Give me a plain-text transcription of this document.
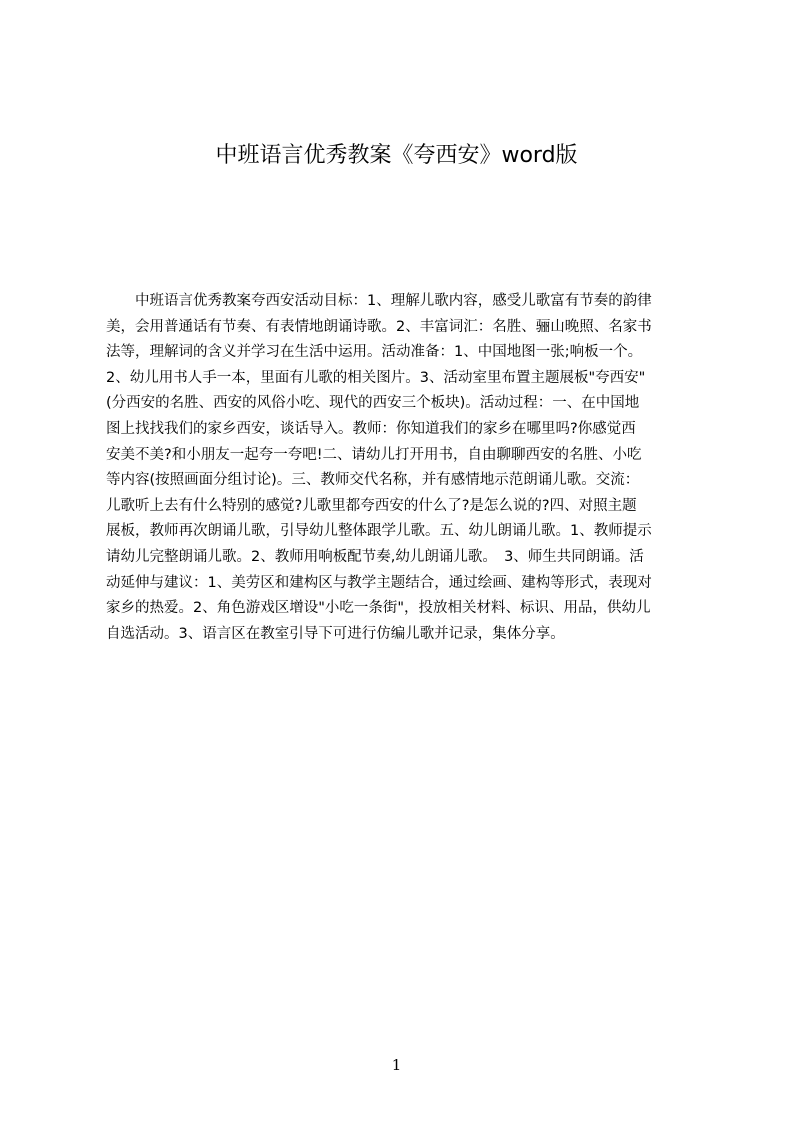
中班语言优秀教案《夸西安》word版
中班语言优秀教案夸西安活动目标：1、理解儿歌内容，感受儿歌富有节奏的韵律
美，会用普通话有节奏、有表情地朗诵诗歌。2、丰富词汇：名胜、骊山晚照、名家书
法等，理解词的含义并学习在生活中运用。活动准备：1、中国地图一张;响板一个。
2、幼儿用书人手一本，里面有儿歌的相关图片。3、活动室里布置主题展板"夸西安"
(分西安的名胜、西安的风俗小吃、现代的西安三个板块)。活动过程：一、在中国地
图上找找我们的家乡西安，谈话导入。教师：你知道我们的家乡在哪里吗?你感觉西
安美不美?和小朋友一起夸一夸吧!二、请幼儿打开用书，自由聊聊西安的名胜、小吃
等内容(按照画面分组讨论)。三、教师交代名称，并有感情地示范朗诵儿歌。交流：
儿歌听上去有什么特别的感觉?儿歌里都夸西安的什么了?是怎么说的?四、对照主题
展板，教师再次朗诵儿歌，引导幼儿整体跟学儿歌。五、幼儿朗诵儿歌。1、教师提示
请幼儿完整朗诵儿歌。2、教师用响板配节奏,幼儿朗诵儿歌。　3、师生共同朗诵。活
动延伸与建议：1、美劳区和建构区与教学主题结合，通过绘画、建构等形式，表现对
家乡的热爱。2、角色游戏区增设"小吃一条街"，投放相关材料、标识、用品，供幼儿
自选活动。3、语言区在教室引导下可进行仿编儿歌并记录，集体分享。
1
